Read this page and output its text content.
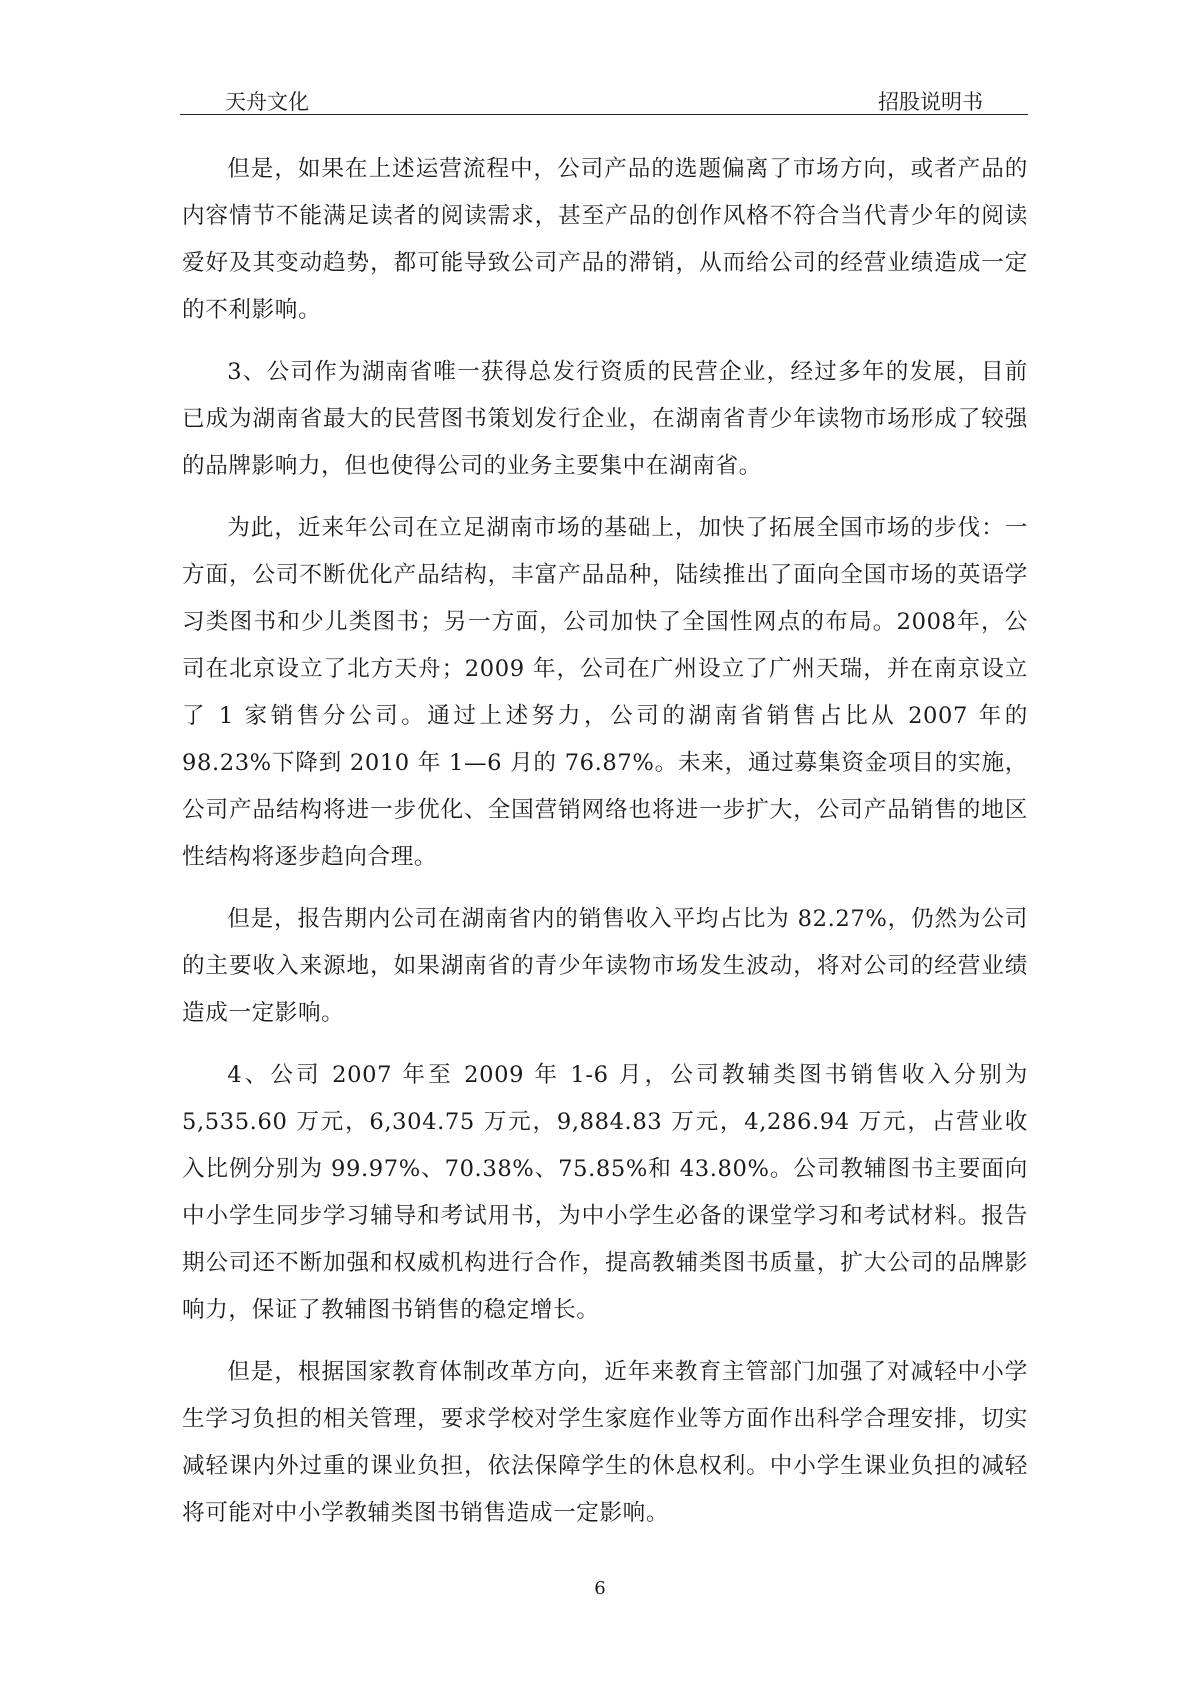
天舟文化	招股说明书

但是，如果在上述运营流程中，公司产品的选题偏离了市场方向，或者产品的内容情节不能满足读者的阅读需求，甚至产品的创作风格不符合当代青少年的阅读爱好及其变动趋势，都可能导致公司产品的滞销，从而给公司的经营业绩造成一定的不利影响。

3、公司作为湖南省唯一获得总发行资质的民营企业，经过多年的发展，目前已成为湖南省最大的民营图书策划发行企业，在湖南省青少年读物市场形成了较强的品牌影响力，但也使得公司的业务主要集中在湖南省。

为此，近来年公司在立足湖南市场的基础上，加快了拓展全国市场的步伐：一方面，公司不断优化产品结构，丰富产品品种，陆续推出了面向全国市场的英语学习类图书和少儿类图书；另一方面，公司加快了全国性网点的布局。2008年，公司在北京设立了北方天舟；2009 年，公司在广州设立了广州天瑞，并在南京设立了 1 家销售分公司。通过上述努力，公司的湖南省销售占比从 2007 年的 98.23%下降到 2010 年 1—6 月的 76.87%。未来，通过募集资金项目的实施，公司产品结构将进一步优化、全国营销网络也将进一步扩大，公司产品销售的地区性结构将逐步趋向合理。

但是，报告期内公司在湖南省内的销售收入平均占比为 82.27%，仍然为公司的主要收入来源地，如果湖南省的青少年读物市场发生波动，将对公司的经营业绩造成一定影响。

4、公司 2007 年至 2009 年 1-6 月，公司教辅类图书销售收入分别为 5,535.60 万元，6,304.75 万元，9,884.83 万元，4,286.94 万元，占营业收入比例分别为 99.97%、70.38%、75.85%和 43.80%。公司教辅图书主要面向中小学生同步学习辅导和考试用书，为中小学生必备的课堂学习和考试材料。报告期公司还不断加强和权威机构进行合作，提高教辅类图书质量，扩大公司的品牌影响力，保证了教辅图书销售的稳定增长。

但是，根据国家教育体制改革方向，近年来教育主管部门加强了对减轻中小学生学习负担的相关管理，要求学校对学生家庭作业等方面作出科学合理安排，切实减轻课内外过重的课业负担，依法保障学生的休息权利。中小学生课业负担的减轻将可能对中小学教辅类图书销售造成一定影响。

6
